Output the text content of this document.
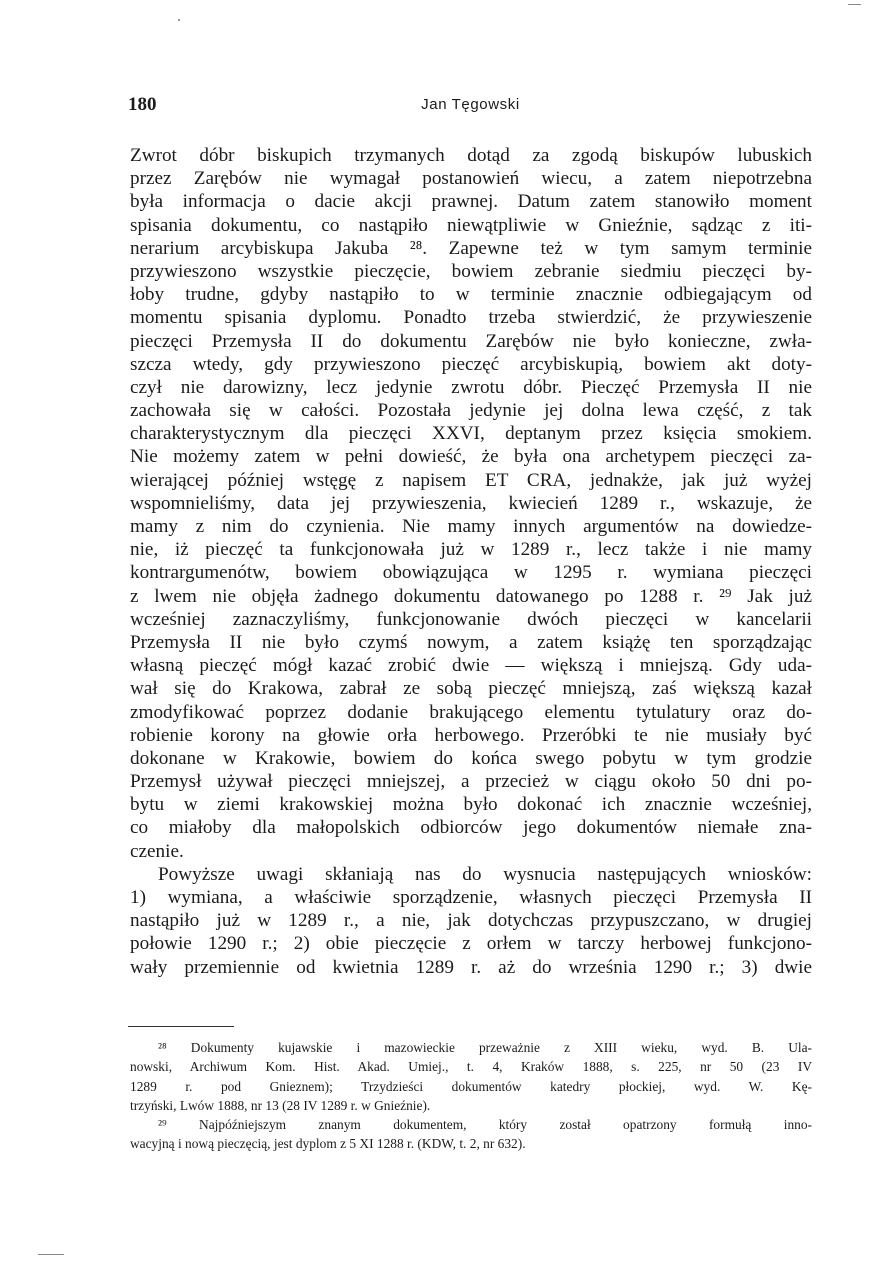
180	Jan Tęgowski
Zwrot dóbr biskupich trzymanych dotąd za zgodą biskupów lubuskich
przez Zarębów nie wymagał postanowień wiecu, a zatem niepotrzebna
była informacja o dacie akcji prawnej. Datum zatem stanowiło moment
spisania dokumentu, co nastąpiło niewątpliwie w Gnieźnie, sądząc z iti-
nerarium arcybiskupa Jakuba ²⁸. Zapewne też w tym samym terminie
przywieszono wszystkie pieczęcie, bowiem zebranie siedmiu pieczęci by-
łoby trudne, gdyby nastąpiło to w terminie znacznie odbiegającym od
momentu spisania dyplomu. Ponadto trzeba stwierdzić, że przywieszenie
pieczęci Przemysła II do dokumentu Zarębów nie było konieczne, zwła-
szcza wtedy, gdy przywieszono pieczęć arcybiskupią, bowiem akt doty-
czył nie darowizny, lecz jedynie zwrotu dóbr. Pieczęć Przemysła II nie
zachowała się w całości. Pozostała jedynie jej dolna lewa część, z tak
charakterystycznym dla pieczęci XXVI, deptanym przez księcia smokiem.
Nie możemy zatem w pełni dowieść, że była ona archetypem pieczęci za-
wierającej później wstęgę z napisem ET CRA, jednakże, jak już wyżej
wspomnieliśmy, data jej przywieszenia, kwiecień 1289 r., wskazuje, że
mamy z nim do czynienia. Nie mamy innych argumentów na dowiedze-
nie, iż pieczęć ta funkcjonowała już w 1289 r., lecz także i nie mamy
kontrargumenótw, bowiem obowiązująca w 1295 r. wymiana pieczęci
z lwem nie objęła żadnego dokumentu datowanego po 1288 r. ²⁹ Jak już
wcześniej zaznaczyliśmy, funkcjonowanie dwóch pieczęci w kancelarii
Przemysła II nie było czymś nowym, a zatem książę ten sporządzając
własną pieczęć mógł kazać zrobić dwie — większą i mniejszą. Gdy uda-
wał się do Krakowa, zabrał ze sobą pieczęć mniejszą, zaś większą kazał
zmodyfikować poprzez dodanie brakującego elementu tytulatury oraz do-
robienie korony na głowie orła herbowego. Przeróbki te nie musiały być
dokonane w Krakowie, bowiem do końca swego pobytu w tym grodzie
Przemysł używał pieczęci mniejszej, a przecież w ciągu około 50 dni po-
bytu w ziemi krakowskiej można było dokonać ich znacznie wcześniej,
co miałoby dla małopolskich odbiorców jego dokumentów niemałe zna-
czenie.
Powyższe uwagi skłaniają nas do wysnucia następujących wniosków:
1) wymiana, a właściwie sporządzenie, własnych pieczęci Przemysła II
nastąpiło już w 1289 r., a nie, jak dotychczas przypuszczano, w drugiej
połowie 1290 r.; 2) obie pieczęcie z orłem w tarczy herbowej funkcjono-
wały przemiennie od kwietnia 1289 r. aż do września 1290 r.; 3) dwie
²⁸ Dokumenty kujawskie i mazowieckie przeważnie z XIII wieku, wyd. B. Ula-
nowski, Archiwum Kom. Hist. Akad. Umiej., t. 4, Kraków 1888, s. 225, nr 50 (23 IV
1289 r. pod Gnieznem); Trzydzieści dokumentów katedry płockiej, wyd. W. Kę-
trzyński, Lwów 1888, nr 13 (28 IV 1289 r. w Gnieźnie).
²⁹ Najpóźniejszym znanym dokumentem, który został opatrzony formułą inno-
wacyjną i nową pieczęcią, jest dyplom z 5 XI 1288 r. (KDW, t. 2, nr 632).
